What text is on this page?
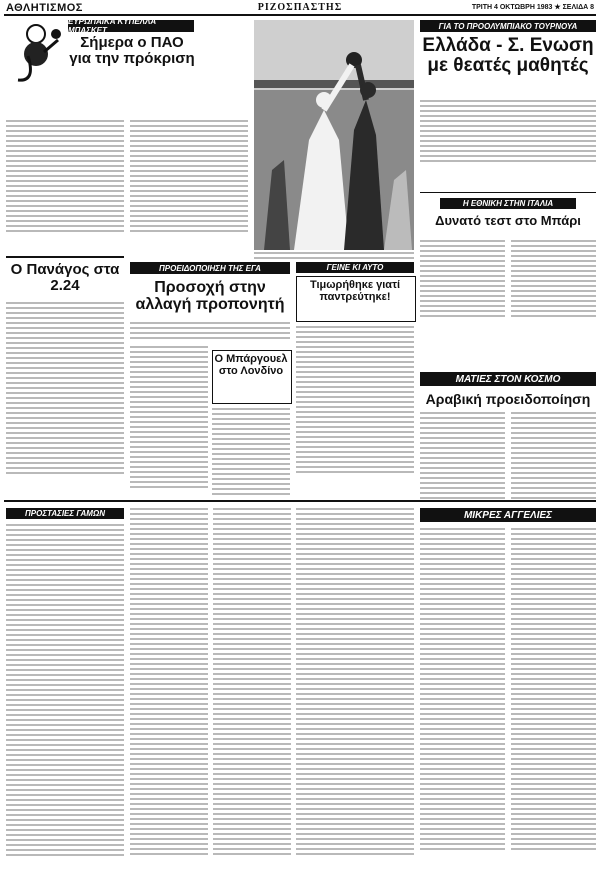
ΑΘΛΗΤΙΣΜΟΣ	ΡΙΖΟΣΠΑΣΤΗΣ	ΤΡΙΤΗ 4 ΟΚΤΩΒΡΗ 1983 ★ ΣΕΛΙΔΑ 8
ΕΥΡΩΠΑΪΚΑ ΚΥΠΕΛΛΑ ΜΠΑΣΚΕΤ
Σήμερα ο ΠΑΟ για την πρόκριση
ΓΙΑ ΤΟ ΠΡΟΟΛΥΜΠΙΑΚΟ ΤΟΥΡΝΟΥΑ
Ελλάδα - Σ. Ενωση με θεατές μαθητές
Η ΕΘΝΙΚΗ ΣΤΗΝ ΙΤΑΛΙΑ
Δυνατό τεστ στο Μπάρι
Ο Πανάγος στα 2.24
ΠΡΟΕΙΔΟΠΟΙΗΣΗ ΤΗΣ ΕΓΑ
Προσοχή στην αλλαγή προπονητή
Ο Μπάργουελ στο Λονδίνο
ΓΕΙΝΕ ΚΙ ΑΥΤΟ
Τιμωρήθηκε γιατί παντρεύτηκε!
ΜΑΤΙΕΣ ΣΤΟΝ ΚΟΣΜΟ
Αραβική προειδοποίηση
ΠΡΟΣΤΑΣΙΕΣ ΓΑΜΩΝ	ΜΙΚΡΕΣ ΑΓΓΕΛΙΕΣ
